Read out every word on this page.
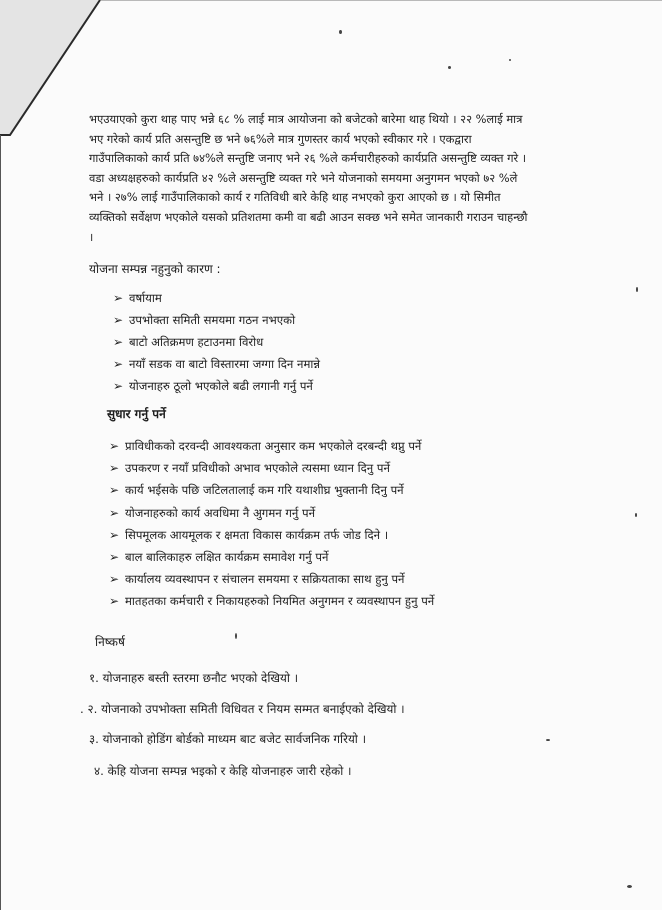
भएउयाएको कुरा थाह पाए भन्ने ६८ % लाई मात्र आयोजना को बजेटको बारेमा थाह थियो । २२ %लाई मात्र
भए गरेको कार्य प्रति असन्तुष्टि छ भने ७६%ले मात्र गुणस्तर कार्य भएको स्वीकार गरे । एकद्वारा
गाउँपालिकाको कार्य प्रति ७४%ले सन्तुष्टि जनाए भने २६ %ले कर्मचारीहरुको कार्यप्रति असन्तुष्टि व्यक्त गरे ।
वडा अध्यक्षहरुको कार्यप्रति ४२ %ले असन्तुष्टि व्यक्त गरे भने योजनाको समयमा अनुगमन भएको ७२ %ले
भने । २७% लाई गाउँपालिकाको कार्य र गतिविधी बारे केहि थाह नभएको कुरा आएको छ । यो सिमीत
व्यक्तिको सर्वेक्षण भएकोले यसको प्रतिशतमा कमी वा बढी आउन सक्छ भने समेत जानकारी गराउन चाहन्छौ
।
योजना सम्पन्न नहुनुको कारण :
➢ वर्षायाम
➢ उपभोक्ता समिती समयमा गठन नभएको
➢ बाटो अतिक्रमण हटाउनमा विरोध
➢ नयाँ सडक वा बाटो विस्तारमा जग्गा दिन नमान्ने
➢ योजनाहरु ठूलो भएकोले बढी लगानी गर्नु पर्ने
सुधार गर्नु पर्ने
➢ प्राविधीकको दरवन्दी आवश्यकता अनुसार कम भएकोले दरबन्दी थप्नु पर्ने
➢ उपकरण र नयाँ प्रविधीको अभाव भएकोले त्यसमा ध्यान दिनु पर्ने
➢ कार्य भईसके पछि जटिलतालाई कम गरि यथाशीघ्र भुक्तानी दिनु पर्ने
➢ योजनाहरुको कार्य अवधिमा नै अुगमन गर्नु पर्ने
➢ सिपमूलक आयमूलक र क्षमता विकास कार्यक्रम तर्फ जोड दिने ।
➢ बाल बालिकाहरु लक्षित कार्यक्रम समावेश गर्नु पर्ने
➢ कार्यालय व्यवस्थापन र संचालन समयमा र सक्रियताका साथ हुनु पर्ने
➢ मातहतका कर्मचारी र निकायहरुको नियमित अनुगमन र व्यवस्थापन हुनु पर्ने
निष्कर्ष
१. योजनाहरु बस्ती स्तरमा छनौट भएको देखियो ।
. २. योजनाको उपभोक्ता समिती विधिवत र नियम सम्मत बनाईएको देखियो ।
३. योजनाको होडिंग बोर्डको माध्यम बाट बजेट सार्वजनिक गरियो ।
४. केहि योजना सम्पन्न भइको र केहि योजनाहरु जारी रहेको ।
